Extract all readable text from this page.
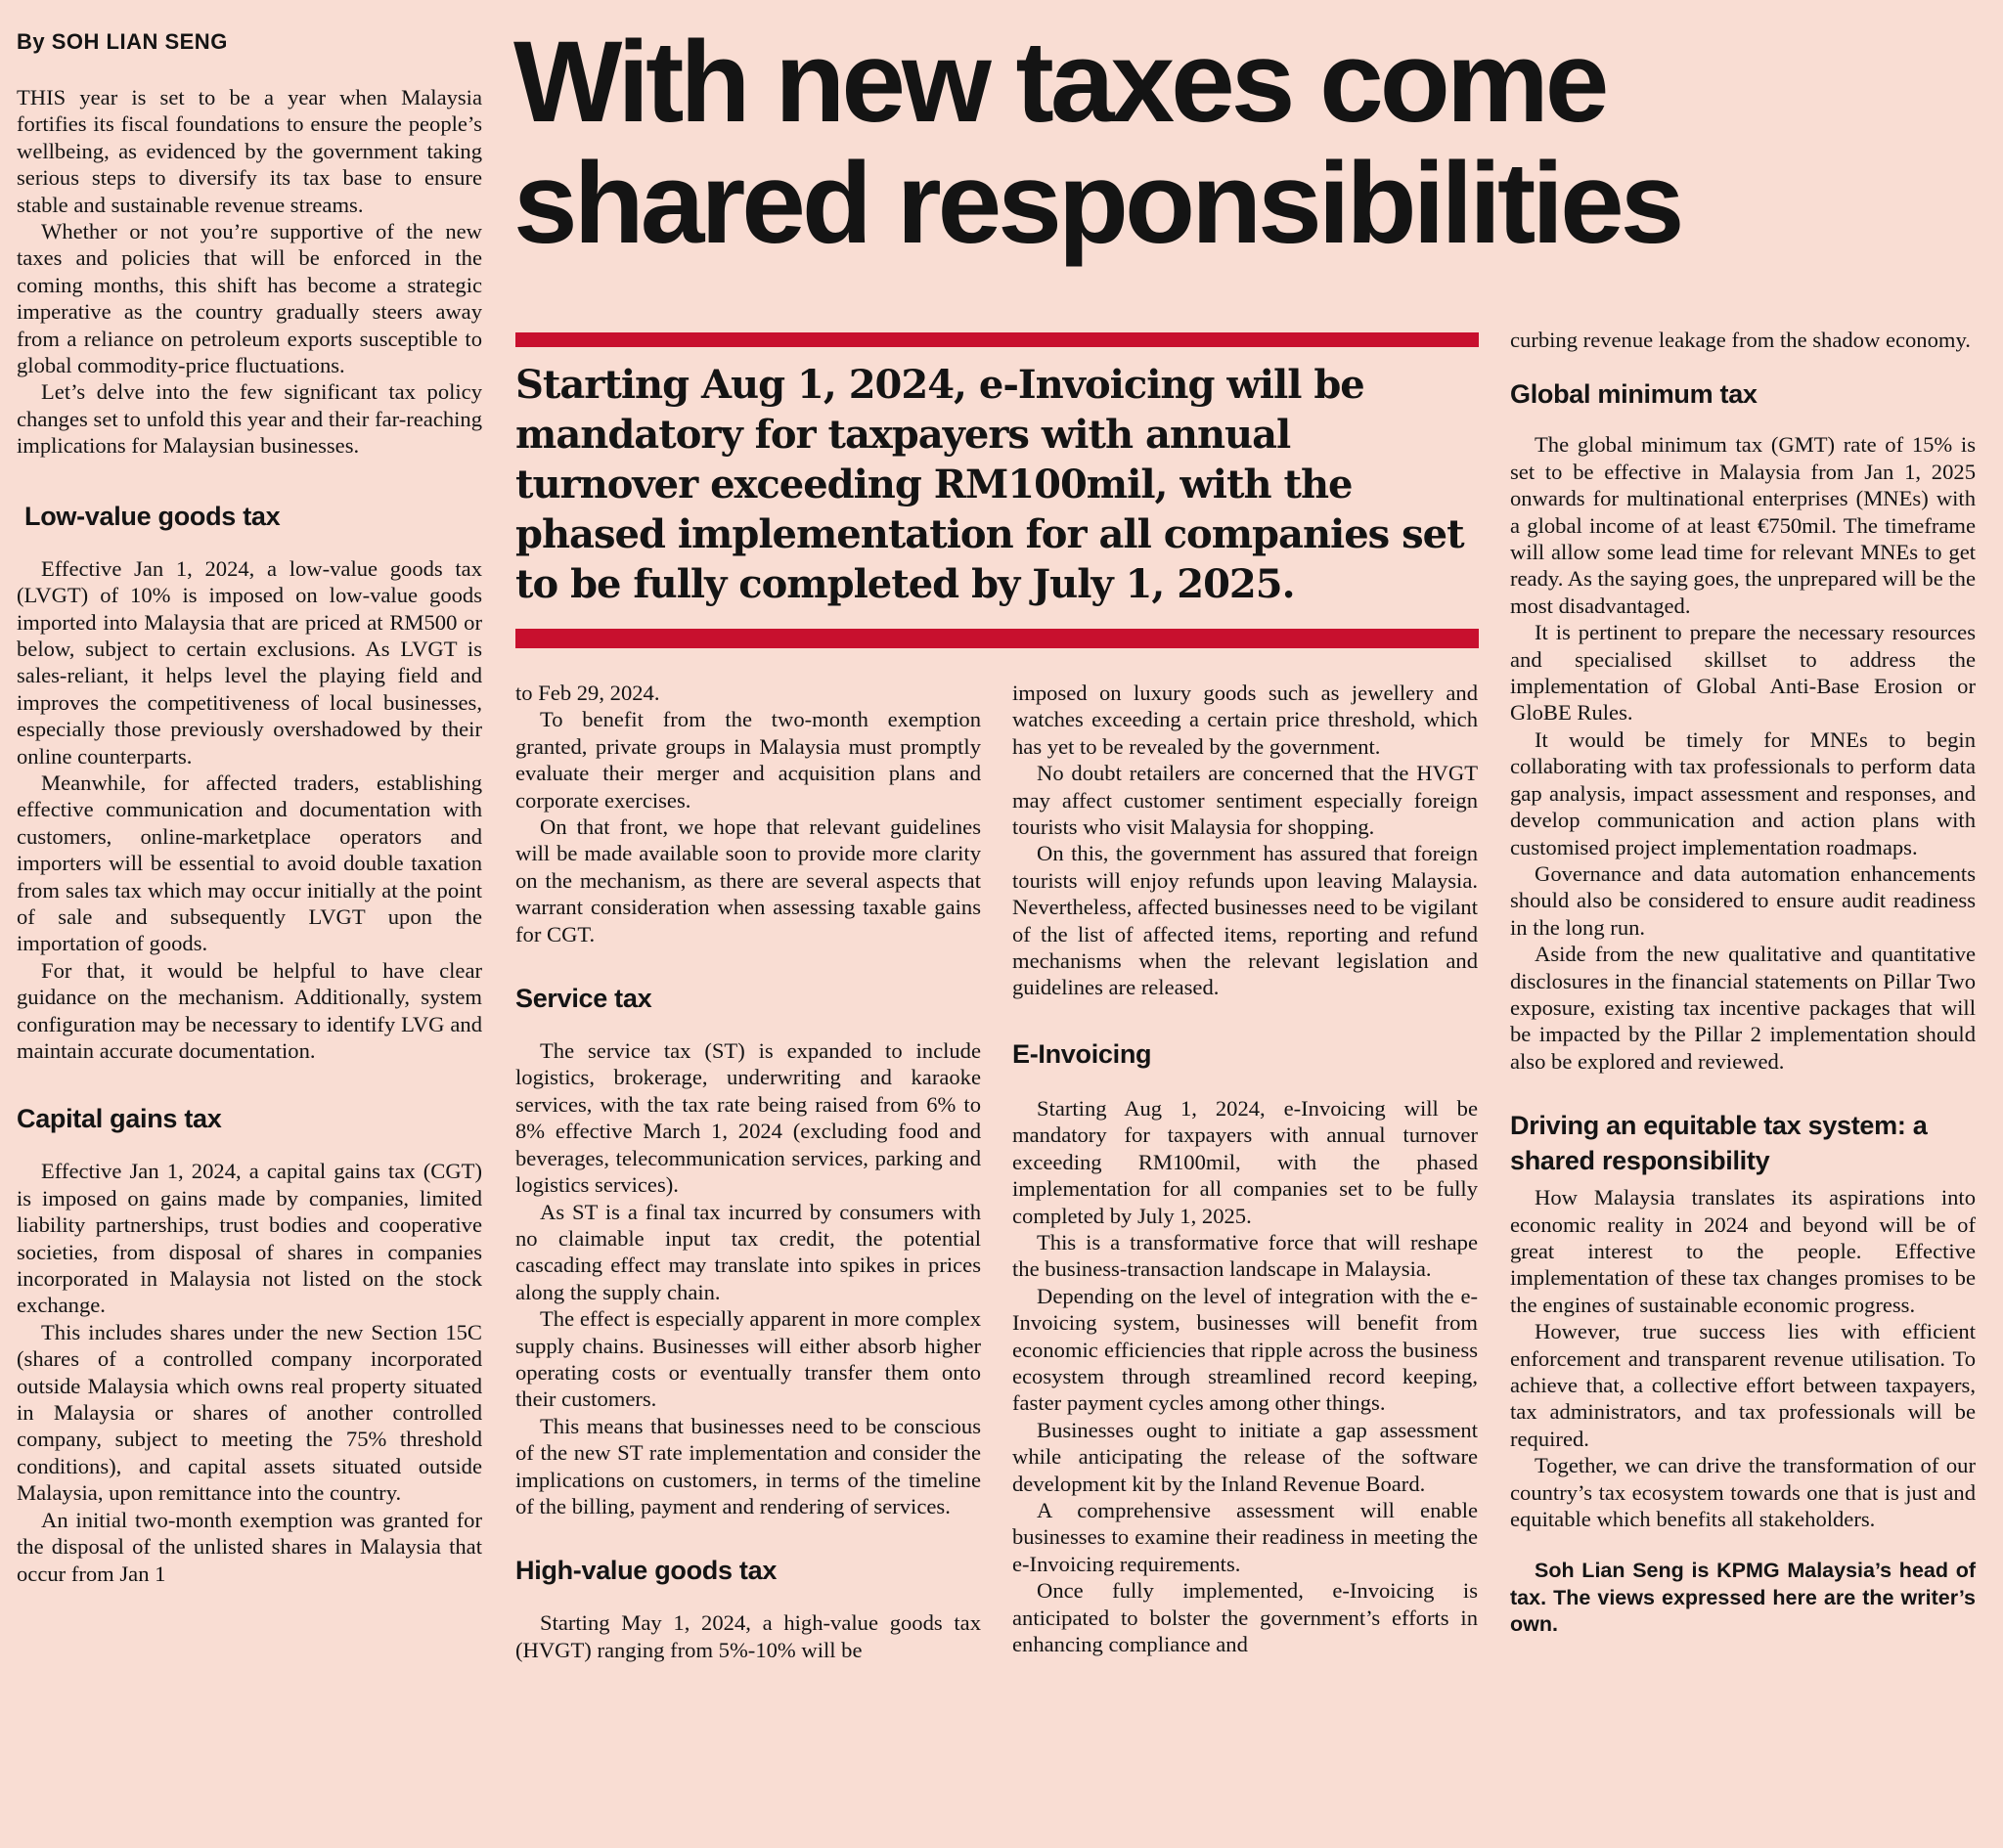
By SOH LIAN SENG With new taxes come
shared responsibilities

Starting Aug 1, 2024, e-Invoicing will be mandatory for taxpayers with annual turnover exceeding RM100mil, with the phased implementation for all companies set to be fully completed by July 1, 2025.

THIS year is set to be a year when Malaysia fortifies its fiscal foundations to ensure the people’s wellbeing, as evidenced by the government taking serious steps to diversify its tax base to ensure stable and sustainable revenue streams.

Whether or not you’re supportive of the new taxes and policies that will be enforced in the coming months, this shift has become a strategic imperative as the country gradually steers away from a reliance on petroleum exports susceptible to global commodity-price fluctuations.

Let’s delve into the few significant tax policy changes set to unfold this year and their far-reaching implications for Malaysian businesses.

Low-value goods tax

Effective Jan 1, 2024, a low-value goods tax (LVGT) of 10% is imposed on low-value goods imported into Malaysia that are priced at RM500 or below, subject to certain exclusions. As LVGT is sales-reliant, it helps level the playing field and improves the competitiveness of local businesses, especially those previously overshadowed by their online counterparts.

Meanwhile, for affected traders, establishing effective communication and documentation with customers, online-marketplace operators and importers will be essential to avoid double taxation from sales tax which may occur initially at the point of sale and subsequently LVGT upon the importation of goods.

For that, it would be helpful to have clear guidance on the mechanism. Additionally, system configuration may be necessary to identify LVG and maintain accurate documentation.

Capital gains tax

Effective Jan 1, 2024, a capital gains tax (CGT) is imposed on gains made by companies, limited liability partnerships, trust bodies and cooperative societies, from disposal of shares in companies incorporated in Malaysia not listed on the stock exchange.

This includes shares under the new Section 15C (shares of a controlled company incorporated outside Malaysia which owns real property situated in Malaysia or shares of another controlled company, subject to meeting the 75% threshold conditions), and capital assets situated outside Malaysia, upon remittance into the country.

An initial two-month exemption was granted for the disposal of the unlisted shares in Malaysia that occur from Jan 1

to Feb 29, 2024.

To benefit from the two-month exemption granted, private groups in Malaysia must promptly evaluate their merger and acquisition plans and corporate exercises.

On that front, we hope that relevant guidelines will be made available soon to provide more clarity on the mechanism, as there are several aspects that warrant consideration when assessing taxable gains for CGT.

Service tax

The service tax (ST) is expanded to include logistics, brokerage, underwriting and karaoke services, with the tax rate being raised from 6% to 8% effective March 1, 2024 (excluding food and beverages, telecommunication services, parking and logistics services).

As ST is a final tax incurred by consumers with no claimable input tax credit, the potential cascading effect may translate into spikes in prices along the supply chain.

The effect is especially apparent in more complex supply chains. Businesses will either absorb higher operating costs or eventually transfer them onto their customers.

This means that businesses need to be conscious of the new ST rate implementation and consider the implications on customers, in terms of the timeline of the billing, payment and rendering of services.

High-value goods tax

Starting May 1, 2024, a high-value goods tax (HVGT) ranging from 5%-10% will be

imposed on luxury goods such as jewellery and watches exceeding a certain price threshold, which has yet to be revealed by the government.

No doubt retailers are concerned that the HVGT may affect customer sentiment especially foreign tourists who visit Malaysia for shopping.

On this, the government has assured that foreign tourists will enjoy refunds upon leaving Malaysia. Nevertheless, affected businesses need to be vigilant of the list of affected items, reporting and refund mechanisms when the relevant legislation and guidelines are released.

E-Invoicing

Starting Aug 1, 2024, e-Invoicing will be mandatory for taxpayers with annual turnover exceeding RM100mil, with the phased implementation for all companies set to be fully completed by July 1, 2025.

This is a transformative force that will reshape the business-transaction landscape in Malaysia.

Depending on the level of integration with the e-Invoicing system, businesses will benefit from economic efficiencies that ripple across the business ecosystem through streamlined record keeping, faster payment cycles among other things.

Businesses ought to initiate a gap assessment while anticipating the release of the software development kit by the Inland Revenue Board.

A comprehensive assessment will enable businesses to examine their readiness in meeting the e-Invoicing requirements.

Once fully implemented, e-Invoicing is anticipated to bolster the government’s efforts in enhancing compliance and

curbing revenue leakage from the shadow economy.

Global minimum tax

The global minimum tax (GMT) rate of 15% is set to be effective in Malaysia from Jan 1, 2025 onwards for multinational enterprises (MNEs) with a global income of at least €750mil. The timeframe will allow some lead time for relevant MNEs to get ready. As the saying goes, the unprepared will be the most disadvantaged.

It is pertinent to prepare the necessary resources and specialised skillset to address the implementation of Global Anti-Base Erosion or GloBE Rules.

It would be timely for MNEs to begin collaborating with tax professionals to perform data gap analysis, impact assessment and responses, and develop communication and action plans with customised project implementation roadmaps.

Governance and data automation enhancements should also be considered to ensure audit readiness in the long run.

Aside from the new qualitative and quantitative disclosures in the financial statements on Pillar Two exposure, existing tax incentive packages that will be impacted by the Pillar 2 implementation should also be explored and reviewed.

Driving an equitable tax system: a shared responsibility

How Malaysia translates its aspirations into economic reality in 2024 and beyond will be of great interest to the people. Effective implementation of these tax changes promises to be the engines of sustainable economic progress.

However, true success lies with efficient enforcement and transparent revenue utilisation. To achieve that, a collective effort between taxpayers, tax administrators, and tax professionals will be required.

Together, we can drive the transformation of our country’s tax ecosystem towards one that is just and equitable which benefits all stakeholders.

Soh Lian Seng is KPMG Malaysia’s head of tax. The views expressed here are the writer’s own.
